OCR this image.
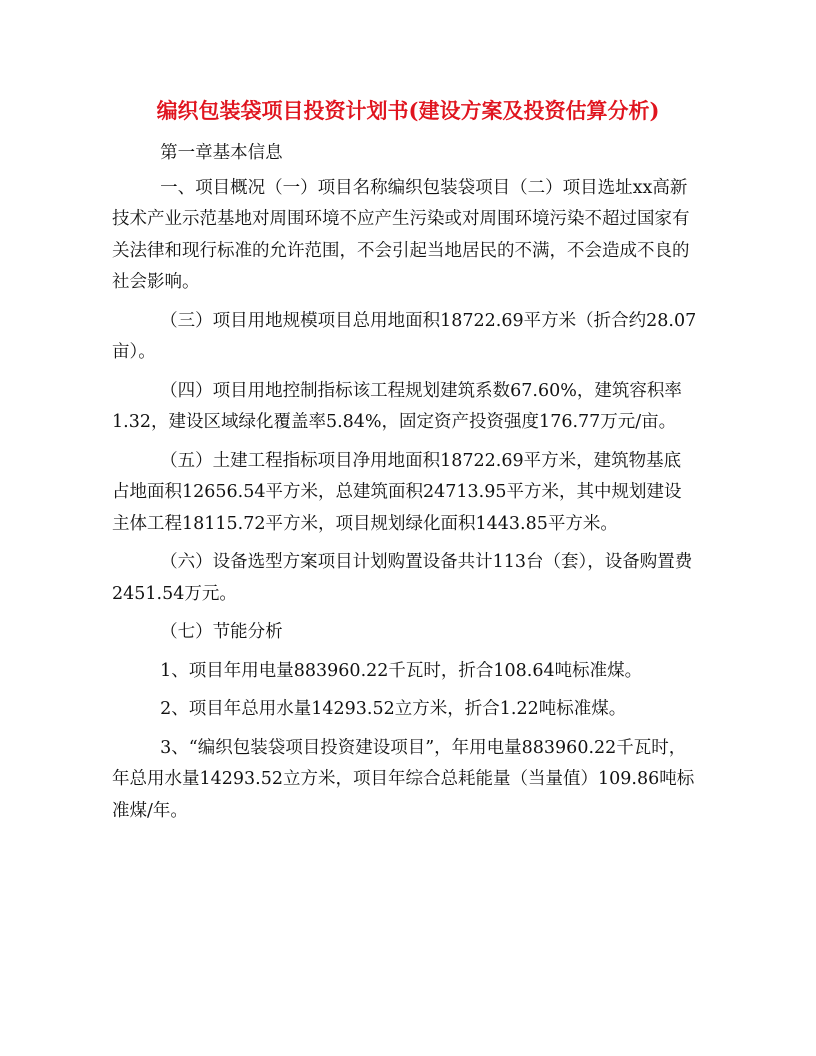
编织包装袋项目投资计划书(建设方案及投资估算分析)

第一章基本信息

一、项目概况（一）项目名称编织包装袋项目（二）项目选址xx高新技术产业示范基地对周围环境不应产生污染或对周围环境污染不超过国家有关法律和现行标准的允许范围，不会引起当地居民的不满，不会造成不良的社会影响。

（三）项目用地规模项目总用地面积18722.69平方米（折合约28.07亩）。

（四）项目用地控制指标该工程规划建筑系数67.60%，建筑容积率1.32，建设区域绿化覆盖率5.84%，固定资产投资强度176.77万元/亩。

（五）土建工程指标项目净用地面积18722.69平方米，建筑物基底占地面积12656.54平方米，总建筑面积24713.95平方米，其中规划建设主体工程18115.72平方米，项目规划绿化面积1443.85平方米。

（六）设备选型方案项目计划购置设备共计113台（套），设备购置费2451.54万元。

（七）节能分析

1、项目年用电量883960.22千瓦时，折合108.64吨标准煤。

2、项目年总用水量14293.52立方米，折合1.22吨标准煤。

3、“编织包装袋项目投资建设项目”，年用电量883960.22千瓦时，年总用水量14293.52立方米，项目年综合总耗能量（当量值）109.86吨标准煤/年。
